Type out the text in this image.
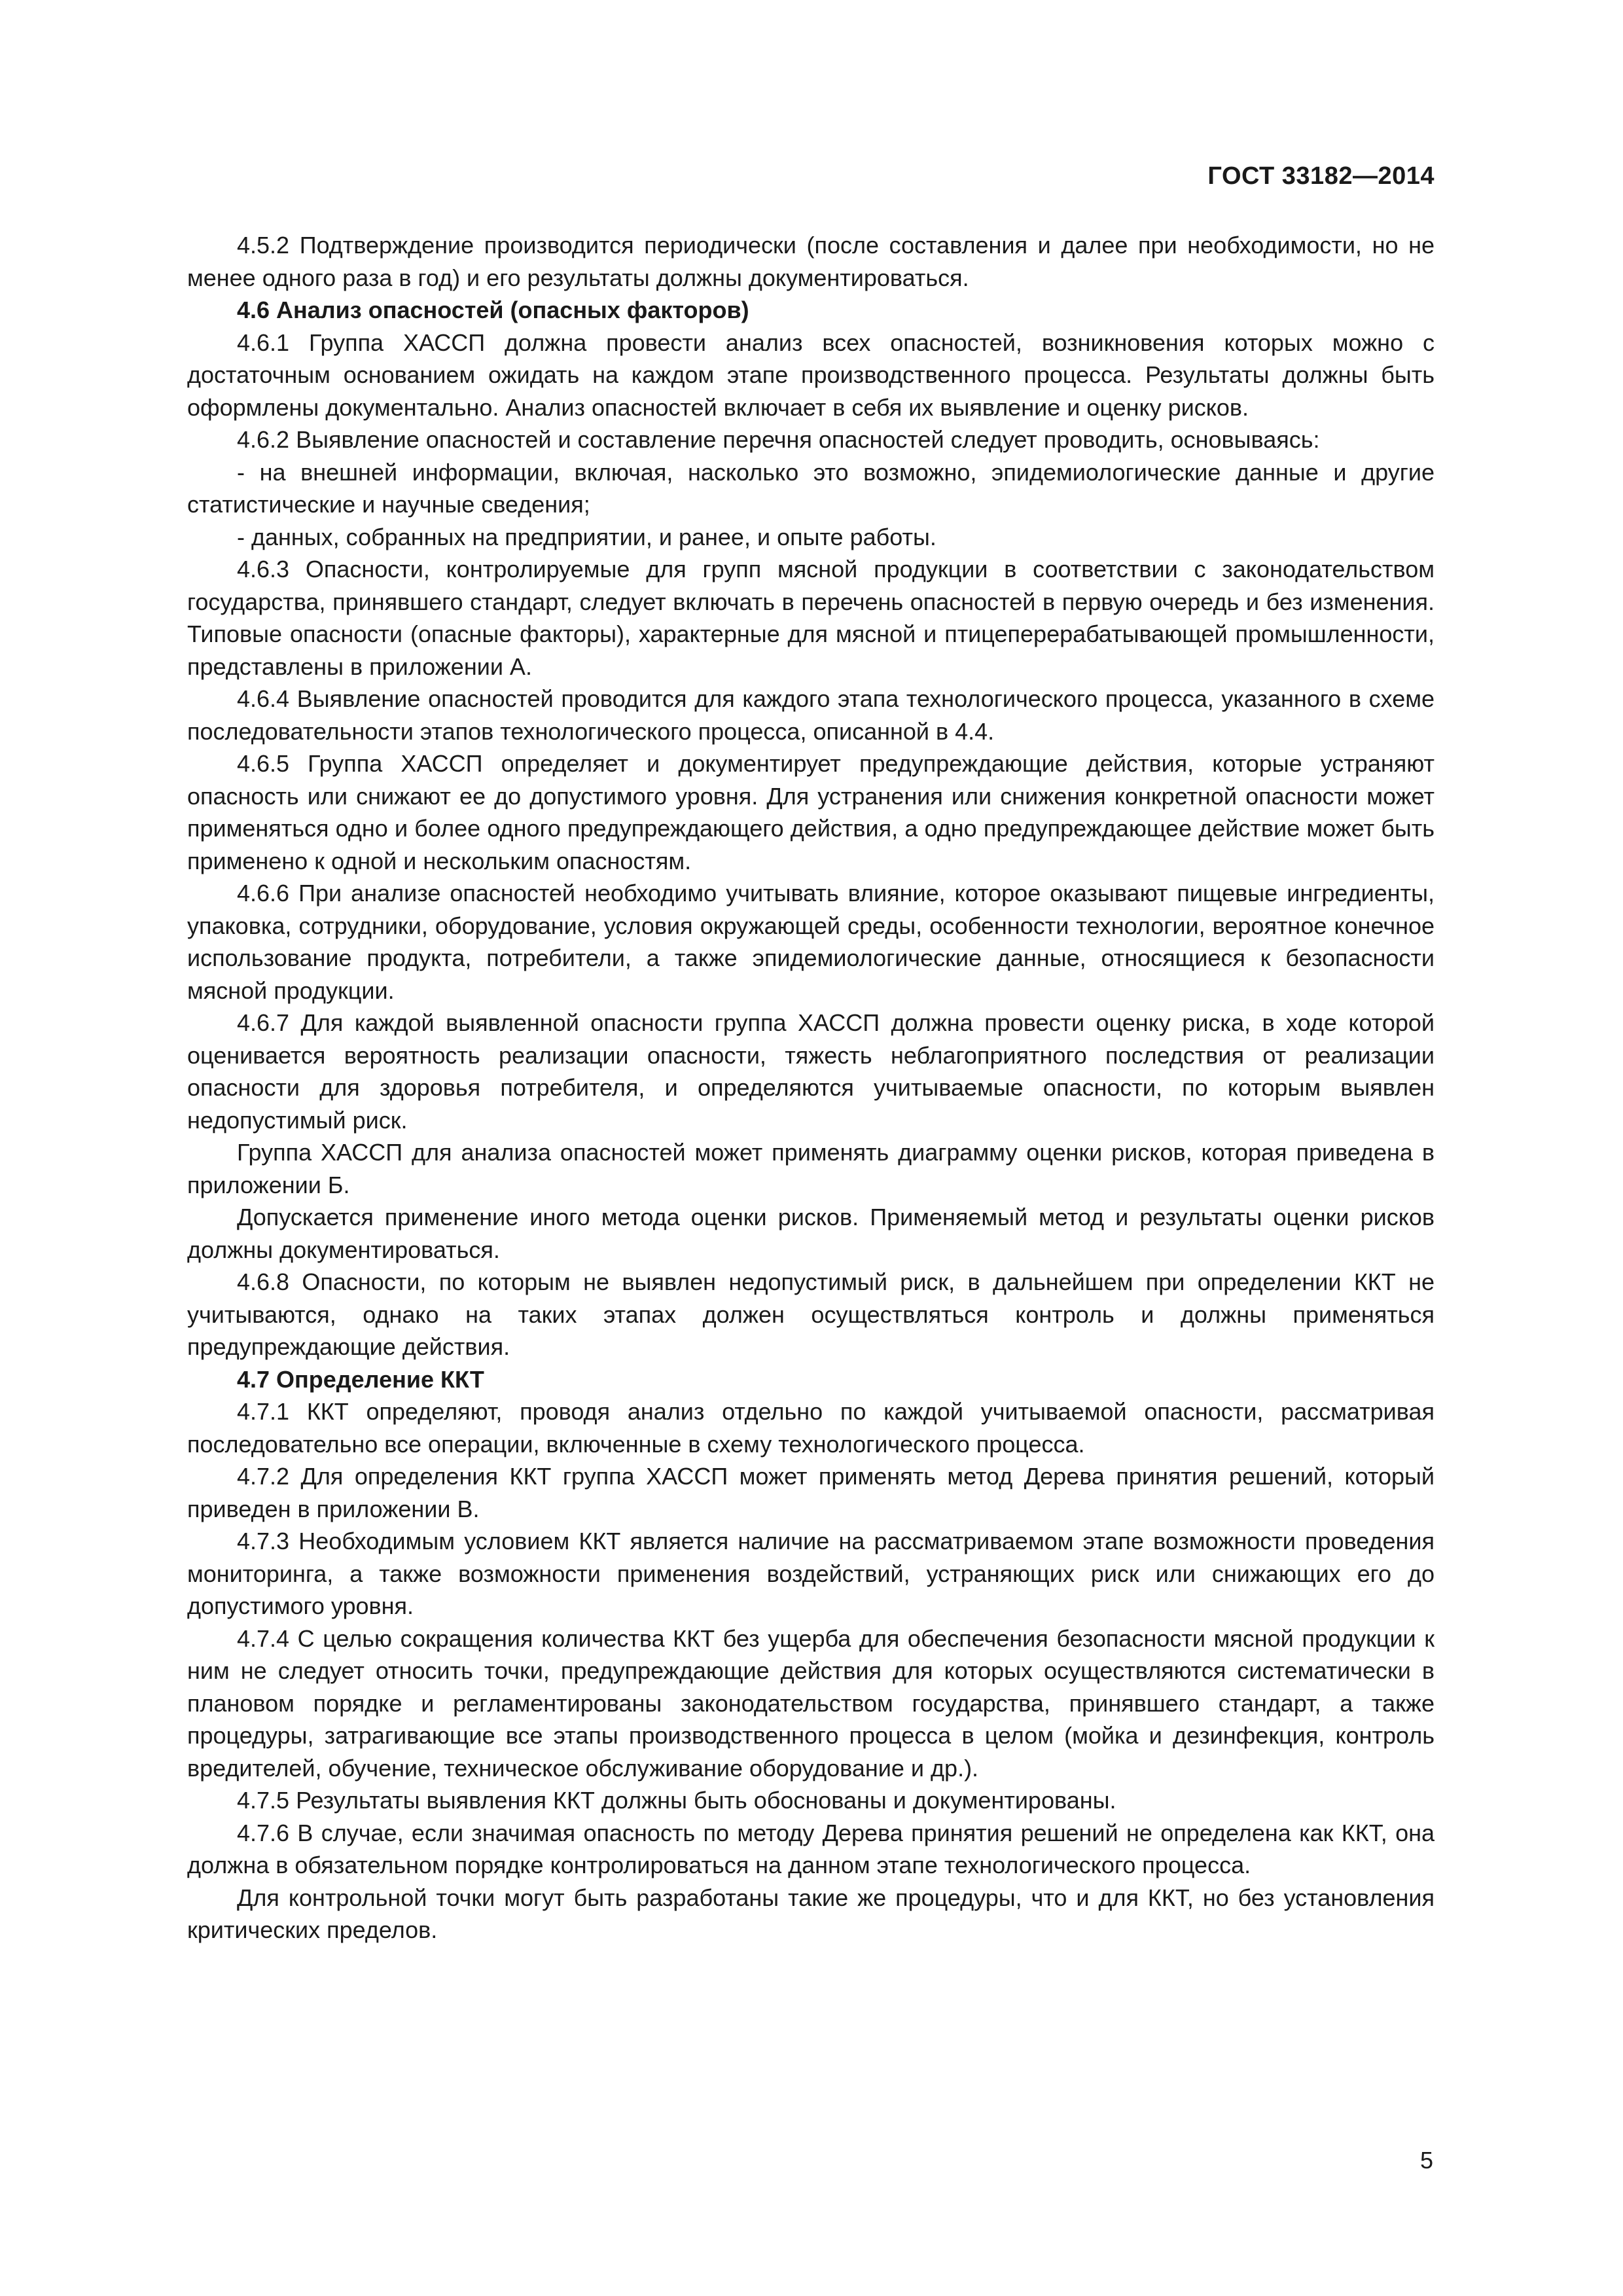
ГОСТ 33182—2014

4.5.2 Подтверждение производится периодически (после составления и далее при необходимости, но не менее одного раза в год) и его результаты должны документироваться.

4.6 Анализ опасностей (опасных факторов)

4.6.1 Группа ХАССП должна провести анализ всех опасностей, возникновения которых можно с достаточным основанием ожидать на каждом этапе производственного процесса. Результаты должны быть оформлены документально. Анализ опасностей включает в себя их выявление и оценку рисков.

4.6.2 Выявление опасностей и составление перечня опасностей следует проводить, основываясь:

- на внешней информации, включая, насколько это возможно, эпидемиологические данные и другие статистические и научные сведения;

- данных, собранных на предприятии, и ранее, и опыте работы.

4.6.3 Опасности, контролируемые для групп мясной продукции в соответствии с законодательством государства, принявшего стандарт, следует включать в перечень опасностей в первую очередь и без изменения. Типовые опасности (опасные факторы), характерные для мясной и птицеперерабатывающей промышленности, представлены в приложении А.

4.6.4 Выявление опасностей проводится для каждого этапа технологического процесса, указанного в схеме последовательности этапов технологического процесса, описанной в 4.4.

4.6.5 Группа ХАССП определяет и документирует предупреждающие действия, которые устраняют опасность или снижают ее до допустимого уровня. Для устранения или снижения конкретной опасности может применяться одно и более одного предупреждающего действия, а одно предупреждающее действие может быть применено к одной и нескольким опасностям.

4.6.6 При анализе опасностей необходимо учитывать влияние, которое оказывают пищевые ингредиенты, упаковка, сотрудники, оборудование, условия окружающей среды, особенности технологии, вероятное конечное использование продукта, потребители, а также эпидемиологические данные, относящиеся к безопасности мясной продукции.

4.6.7 Для каждой выявленной опасности группа ХАССП должна провести оценку риска, в ходе которой оценивается вероятность реализации опасности, тяжесть неблагоприятного последствия от реализации опасности для здоровья потребителя, и определяются учитываемые опасности, по которым выявлен недопустимый риск.

Группа ХАССП для анализа опасностей может применять диаграмму оценки рисков, которая приведена в приложении Б.

Допускается применение иного метода оценки рисков. Применяемый метод и результаты оценки рисков должны документироваться.

4.6.8 Опасности, по которым не выявлен недопустимый риск, в дальнейшем при определении ККТ не учитываются, однако на таких этапах должен осуществляться контроль и должны применяться предупреждающие действия.

4.7 Определение ККТ

4.7.1 ККТ определяют, проводя анализ отдельно по каждой учитываемой опасности, рассматривая последовательно все операции, включенные в схему технологического процесса.

4.7.2 Для определения ККТ группа ХАССП может применять метод Дерева принятия решений, который приведен в приложении В.

4.7.3 Необходимым условием ККТ является наличие на рассматриваемом этапе возможности проведения мониторинга, а также возможности применения воздействий, устраняющих риск или снижающих его до допустимого уровня.

4.7.4 С целью сокращения количества ККТ без ущерба для обеспечения безопасности мясной продукции к ним не следует относить точки, предупреждающие действия для которых осуществляются систематически в плановом порядке и регламентированы законодательством государства, принявшего стандарт, а также процедуры, затрагивающие все этапы производственного процесса в целом (мойка и дезинфекция, контроль вредителей, обучение, техническое обслуживание оборудование и др.).

4.7.5 Результаты выявления ККТ должны быть обоснованы и документированы.

4.7.6 В случае, если значимая опасность по методу Дерева принятия решений не определена как ККТ, она должна в обязательном порядке контролироваться на данном этапе технологического процесса.

Для контрольной точки могут быть разработаны такие же процедуры, что и для ККТ, но без установления критических пределов.

5
